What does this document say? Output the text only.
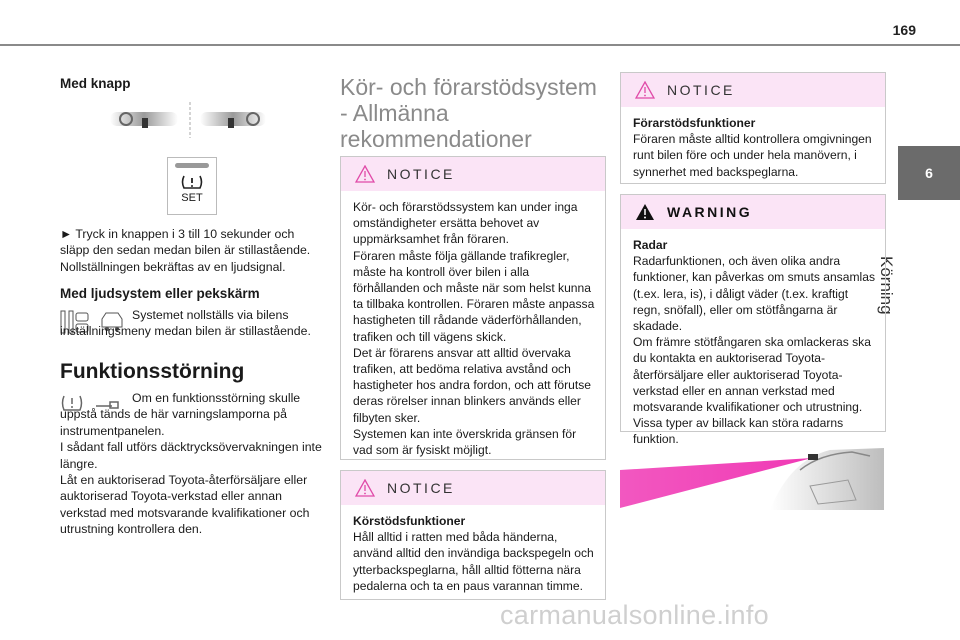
169
6
Körning
Med knapp
SET

► Tryck in knappen i 3 till 10 sekunder och släpp den sedan medan bilen är stillastående. Nollställningen bekräftas av en ljudsignal.

Med ljudsystem eller pekskärm

Systemet nollställs via bilens inställningsmeny medan bilen är stillastående.

Funktionsstörning

Om en funktionsstörning skulle uppstå tänds de här varningslamporna på instrumentpanelen.
I sådant fall utförs däcktrycksövervakningen inte längre.
Låt en auktoriserad Toyota-återförsäljare eller auktoriserad Toyota-verkstad eller annan verkstad med motsvarande kvalifikationer och utrustning kontrollera den.

Kör- och förarstödsystem - Allmänna rekommendationer
NOTICE

Kör- och förarstödssystem kan under inga omständigheter ersätta behovet av uppmärksamhet från föraren.
Föraren måste följa gällande trafikregler, måste ha kontroll över bilen i alla förhållanden och måste när som helst kunna ta tillbaka kontrollen. Föraren måste anpassa hastigheten till rådande väderförhållanden, trafiken och till vägens skick.
Det är förarens ansvar att alltid övervaka trafiken, att bedöma relativa avstånd och hastigheter hos andra fordon, och att förutse deras rörelser innan blinkers används eller filbyten sker.
Systemen kan inte överskrida gränsen för vad som är fysiskt möjligt.

NOTICE
Körstödsfunktioner

Håll alltid i ratten med båda händerna, använd alltid den invändiga backspegeln och ytterbackspeglarna, håll alltid fötterna nära pedalerna och ta en paus varannan timme.

NOTICE
Förarstödsfunktioner

Föraren måste alltid kontrollera omgivningen runt bilen före och under hela manövern, i synnerhet med backspeglarna.

WARNING
Radar

Radarfunktionen, och även olika andra funktioner, kan påverkas om smuts ansamlas (t.ex. lera, is), i dåligt väder (t.ex. kraftigt regn, snöfall), eller om stötfångarna är skadade.
Om främre stötfångaren ska omlackeras ska du kontakta en auktoriserad Toyota-återförsäljare eller auktoriserad Toyota-verkstad eller en annan verkstad med motsvarande kvalifikationer och utrustning.
Vissa typer av billack kan störa radarns funktion.

carmanualsonline.info
